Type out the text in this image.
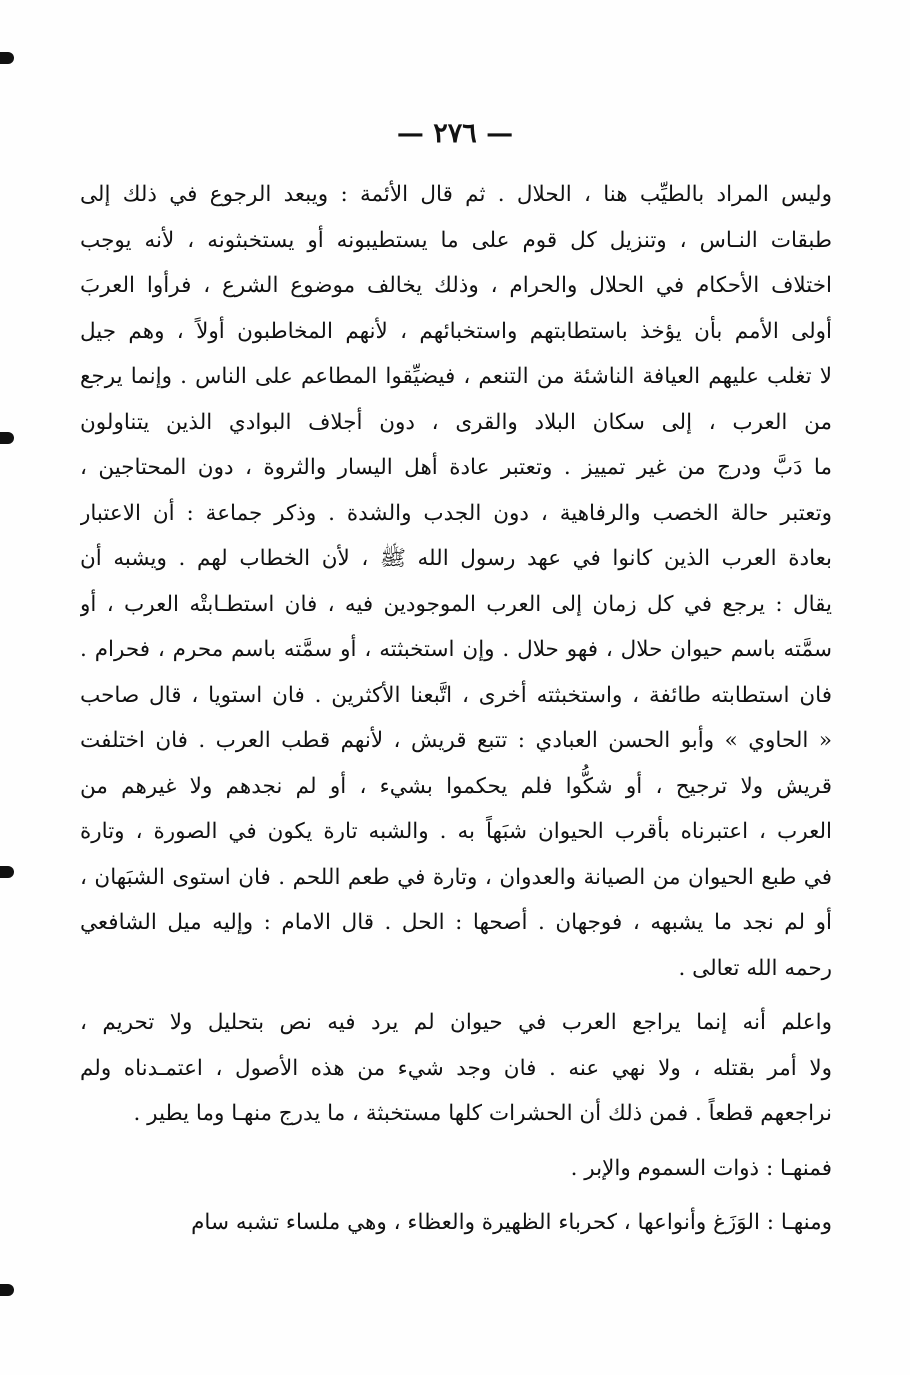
— ٢٧٦ —

وليس المراد بالطيِّب هنا ، الحلال . ثم قال الأئمة : ويبعد الرجوع في ذلك إلى

طبقات النـاس ، وتنزيل كل قوم على ما يستطيبونه أو يستخبثونه ، لأنه يوجب

اختلاف الأحكام في الحلال والحرام ، وذلك يخالف موضوع الشرع ، فرأوا العربَ

أولى الأمم بأن يؤخذ باستطابتهم واستخبائهم ، لأنهم المخاطبون أولاً ، وهم جيل

لا تغلب عليهم العيافة الناشئة من التنعم ، فيضيِّقوا المطاعم على الناس . وإنما يرجع

من العرب ، إلى سكان البلاد والقرى ، دون أجلاف البوادي الذين يتناولون

ما دَبَّ ودرج من غير تمييز . وتعتبر عادة أهل اليسار والثروة ، دون المحتاجين ،

وتعتبر حالة الخصب والرفاهية ، دون الجدب والشدة . وذكر جماعة : أن الاعتبار

بعادة العرب الذين كانوا في عهد رسول الله ﷺ ، لأن الخطاب لهم . ويشبه أن

يقال : يرجع في كل زمان إلى العرب الموجودين فيه ، فان استطـابتْه العرب ، أو

سمَّته باسم حيوان حلال ، فهو حلال . وإن استخبثته ، أو سمَّته باسم محرم ، فحرام .

فان استطابته طائفة ، واستخبثته أخرى ، اتَّبعنا الأكثرين . فان استويا ، قال صاحب

« الحاوي » وأبو الحسن العبادي : تتبع قريش ، لأنهم قطب العرب . فان اختلفت

قريش ولا ترجيح ، أو شكُّوا فلم يحكموا بشيء ، أو لم نجدهم ولا غيرهم من

العرب ، اعتبرناه بأقرب الحيوان شبَهاً به . والشبه تارة يكون في الصورة ، وتارة

في طبع الحيوان من الصيانة والعدوان ، وتارة في طعم اللحم . فان استوى الشبَهان ،

أو لم نجد ما يشبهه ، فوجهان . أصحها : الحل . قال الامام : وإليه ميل الشافعي

رحمه الله تعالى .

واعلم أنه إنما يراجع العرب في حيوان لم يرد فيه نص بتحليل ولا تحريم ،

ولا أمر بقتله ، ولا نهي عنه . فان وجد شيء من هذه الأصول ، اعتمـدناه ولم

نراجعهم قطعاً . فمن ذلك أن الحشرات كلها مستخبثة ، ما يدرج منهـا وما يطير .

فمنهـا : ذوات السموم والإبر .

ومنهـا : الوَزَغ وأنواعها ، كحرباء الظهيرة والعظاء ، وهي ملساء تشبه سام
